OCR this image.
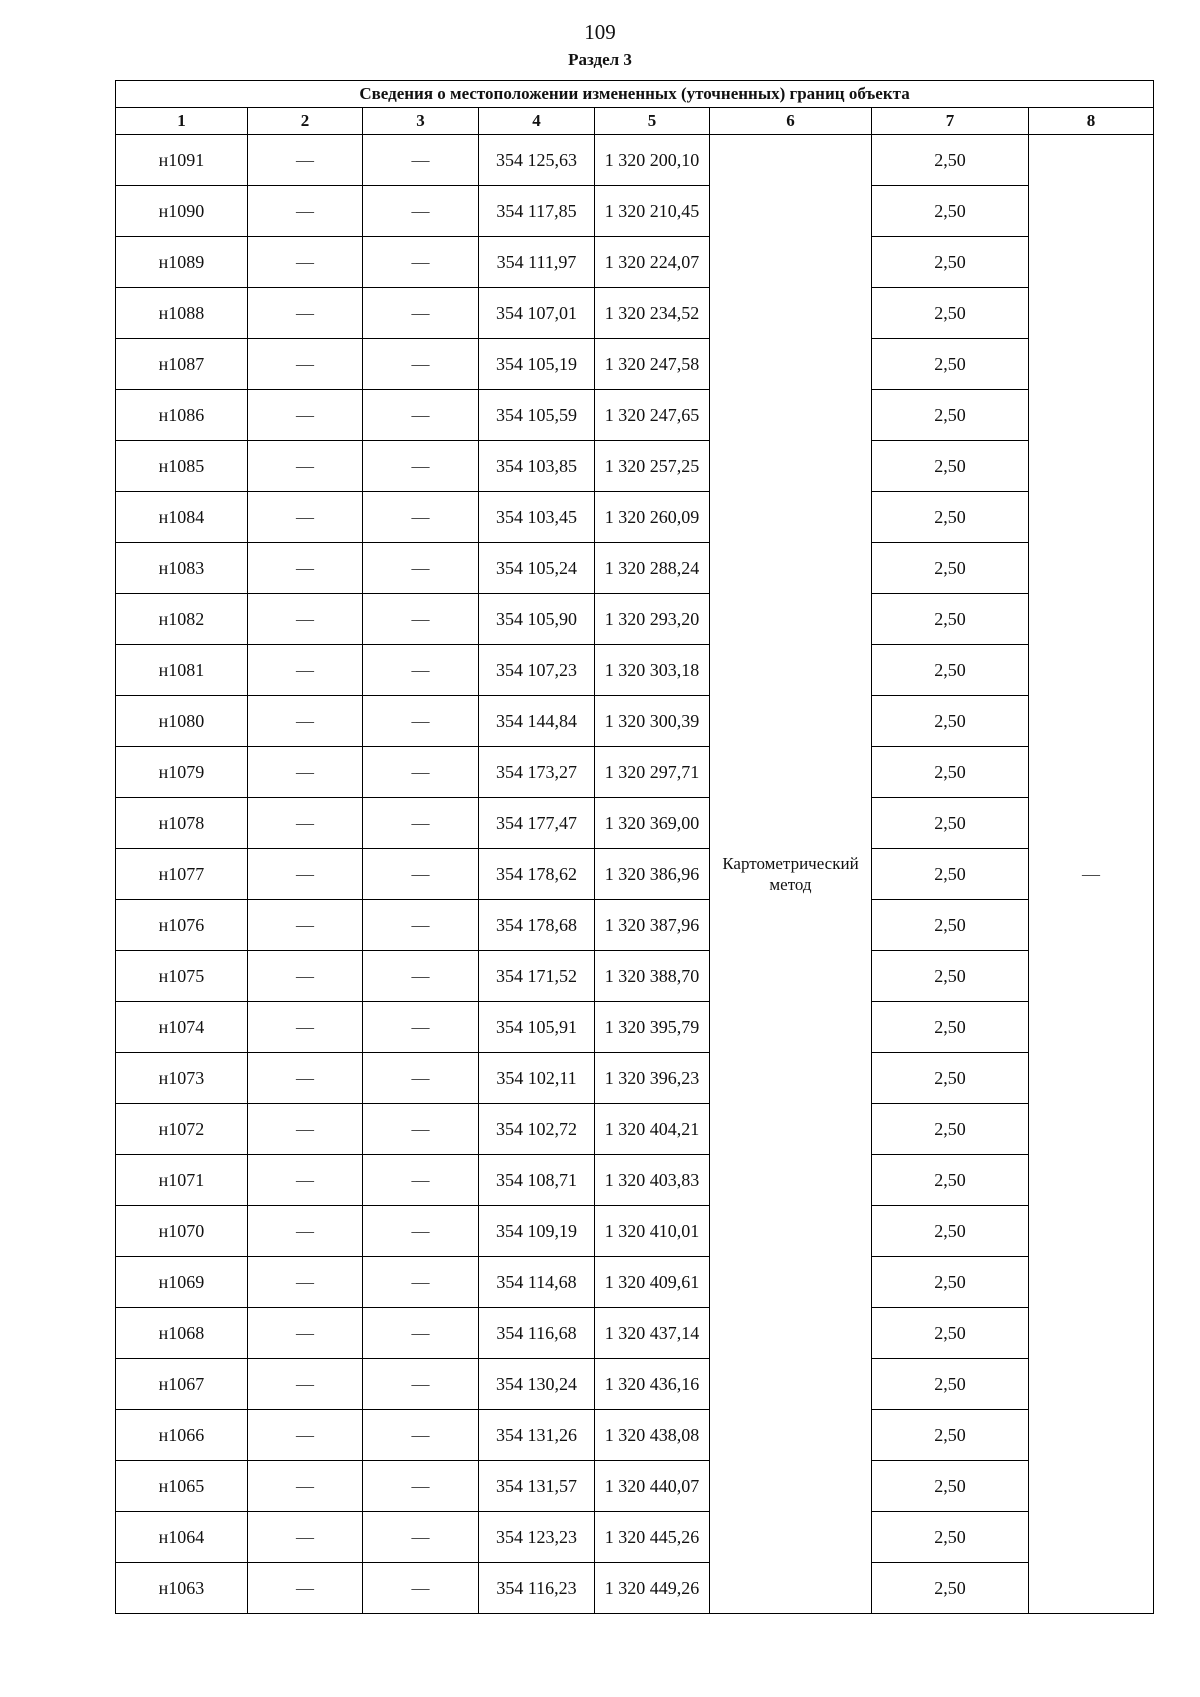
109
Раздел 3
Сведения о местоположении измененных (уточненных) границ объекта							
1	2	3	4	5	6	7	8
н1091	—	—	354 125,63	1 320 200,10	Картометрический метод	2,50	—
н1090	—	—	354 117,85	1 320 210,45		2,50	
н1089	—	—	354 111,97	1 320 224,07		2,50	
н1088	—	—	354 107,01	1 320 234,52		2,50	
н1087	—	—	354 105,19	1 320 247,58		2,50	
н1086	—	—	354 105,59	1 320 247,65		2,50	
н1085	—	—	354 103,85	1 320 257,25		2,50	
н1084	—	—	354 103,45	1 320 260,09		2,50	
н1083	—	—	354 105,24	1 320 288,24		2,50	
н1082	—	—	354 105,90	1 320 293,20		2,50	
н1081	—	—	354 107,23	1 320 303,18		2,50	
н1080	—	—	354 144,84	1 320 300,39		2,50	
н1079	—	—	354 173,27	1 320 297,71		2,50	
н1078	—	—	354 177,47	1 320 369,00		2,50	
н1077	—	—	354 178,62	1 320 386,96		2,50	
н1076	—	—	354 178,68	1 320 387,96		2,50	
н1075	—	—	354 171,52	1 320 388,70		2,50	
н1074	—	—	354 105,91	1 320 395,79		2,50	
н1073	—	—	354 102,11	1 320 396,23		2,50	
н1072	—	—	354 102,72	1 320 404,21		2,50	
н1071	—	—	354 108,71	1 320 403,83		2,50	
н1070	—	—	354 109,19	1 320 410,01		2,50	
н1069	—	—	354 114,68	1 320 409,61		2,50	
н1068	—	—	354 116,68	1 320 437,14		2,50	
н1067	—	—	354 130,24	1 320 436,16		2,50	
н1066	—	—	354 131,26	1 320 438,08		2,50	
н1065	—	—	354 131,57	1 320 440,07		2,50	
н1064	—	—	354 123,23	1 320 445,26		2,50	
н1063	—	—	354 116,23	1 320 449,26		2,50	
